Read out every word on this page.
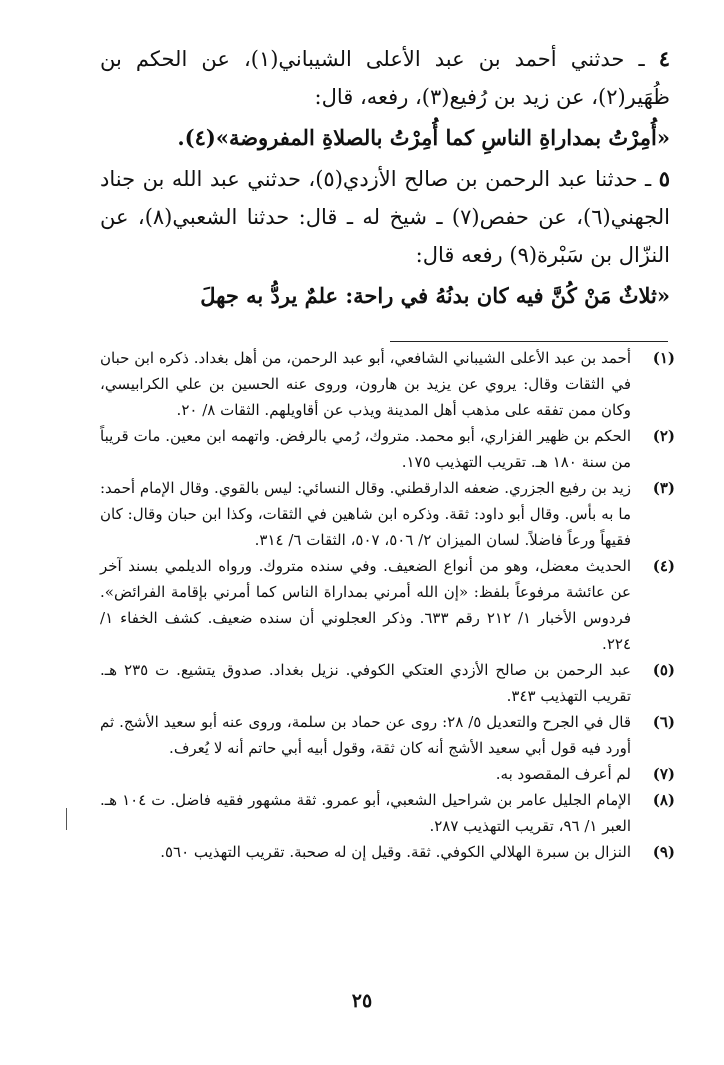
٤ ـ حدثني أحمد بن عبد الأعلى الشيباني(١)، عن الحكم بن ظُهَير(٢)، عن زيد بن رُفيع(٣)، رفعه، قال:

«أُمِرْتُ بمداراةِ الناسِ كما أُمِرْتُ بالصلاةِ المفروضة»(٤).

٥ ـ حدثنا عبد الرحمن بن صالح الأزدي(٥)، حدثني عبد الله بن جناد الجهني(٦)، عن حفص(٧) ـ شيخ له ـ قال: حدثنا الشعبي(٨)، عن النزّال بن سَبْرة(٩) رفعه قال:

«ثلاثٌ مَنْ كُنَّ فيه كان بدنُهُ في راحة: علمٌ يردُّ به جهلَ

(١)
أحمد بن عبد الأعلى الشيباني الشافعي، أبو عبد الرحمن، من أهل بغداد. ذكره ابن حبان في الثقات وقال: يروي عن يزيد بن هارون، وروى عنه الحسين بن علي الكرابيسي، وكان ممن تفقه على مذهب أهل المدينة ويذب عن أقاويلهم. الثقات ٨/ ٢٠.
(٢)
الحكم بن ظهير الفزاري، أبو محمد. متروك، رُمي بالرفض. واتهمه ابن معين. مات قريباً من سنة ١٨٠ هـ. تقريب التهذيب ١٧٥.
(٣)
زيد بن رفيع الجزري. ضعفه الدارقطني. وقال النسائي: ليس بالقوي. وقال الإمام أحمد: ما به بأس. وقال أبو داود: ثقة. وذكره ابن شاهين في الثقات، وكذا ابن حبان وقال: كان فقيهاً ورعاً فاضلاً. لسان الميزان ٢/ ٥٠٦، ٥٠٧، الثقات ٦/ ٣١٤.
(٤)
الحديث معضل، وهو من أنواع الضعيف. وفي سنده متروك. ورواه الديلمي بسند آخر عن عائشة مرفوعاً بلفظ: «إن الله أمرني بمداراة الناس كما أمرني بإقامة الفرائض». فردوس الأخبار ١/ ٢١٢ رقم ٦٣٣. وذكر العجلوني أن سنده ضعيف. كشف الخفاء ١/ ٢٢٤.
(٥)
عبد الرحمن بن صالح الأزدي العتكي الكوفي. نزيل بغداد. صدوق يتشيع. ت ٢٣٥ هـ. تقريب التهذيب ٣٤٣.
(٦)
قال في الجرح والتعديل ٥/ ٢٨: روى عن حماد بن سلمة، وروى عنه أبو سعيد الأشج. ثم أورد فيه قول أبي سعيد الأشج أنه كان ثقة، وقول أبيه أبي حاتم أنه لا يُعرف.
(٧)
لم أعرف المقصود به.
(٨)
الإمام الجليل عامر بن شراحيل الشعبي، أبو عمرو. ثقة مشهور فقيه فاضل. ت ١٠٤ هـ. العبر ١/ ٩٦، تقريب التهذيب ٢٨٧.
(٩)
النزال بن سبرة الهلالي الكوفي. ثقة. وقيل إن له صحبة. تقريب التهذيب ٥٦٠.
٢٥
